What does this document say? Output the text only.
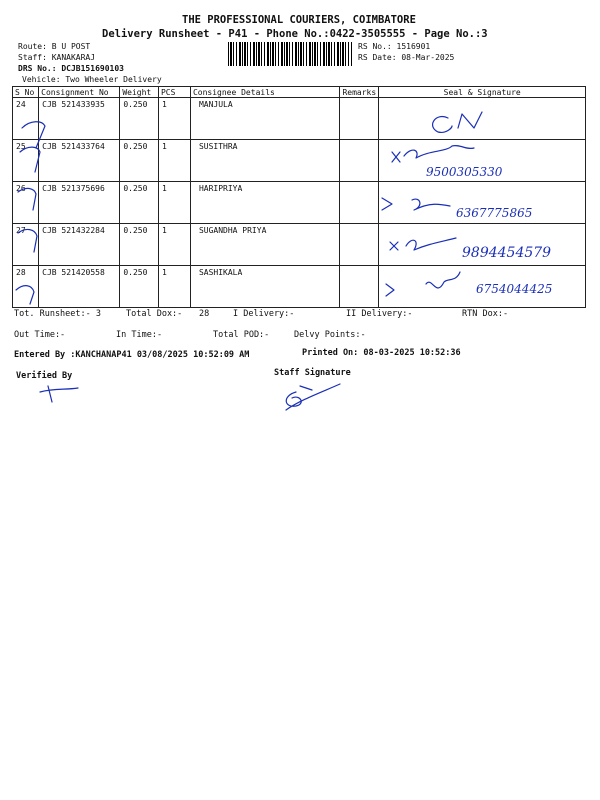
THE PROFESSIONAL COURIERS, COIMBATORE
Delivery Runsheet - P41 - Phone No.:0422-3505555 - Page No.:3
Route: B U POST
Staff: KANAKARAJ
DRS No.: DCJB151690103
Vehicle: Two Wheeler Delivery
RS No.: 1516901
RS Date: 08-Mar-2025
S No	Consignment No	Weight	PCS	Consignee Details	Remarks	Seal & Signature
24	CJB 521433935	0.250	1	MANJULA		
25	CJB 521433764	0.250	1	SUSITHRA		
26	CJB 521375696	0.250	1	HARIPRIYA		
27	CJB 521432284	0.250	1	SUGANDHA PRIYA		
28	CJB 521420558	0.250	1	SASHIKALA		
Tot. Runsheet:- 3	Total Dox:- 28	I Delivery:-	II Delivery:-	RTN Dox:-
Out Time:-	In Time:-	Total POD:-	Delvy Points:-
Entered By :KANCHANAP41 03/08/2025 10:52:09 AM	Printed On: 08-03-2025 10:52:36
Verified By	Staff Signature
9500305330
6367775865
9894454579
6754044425
